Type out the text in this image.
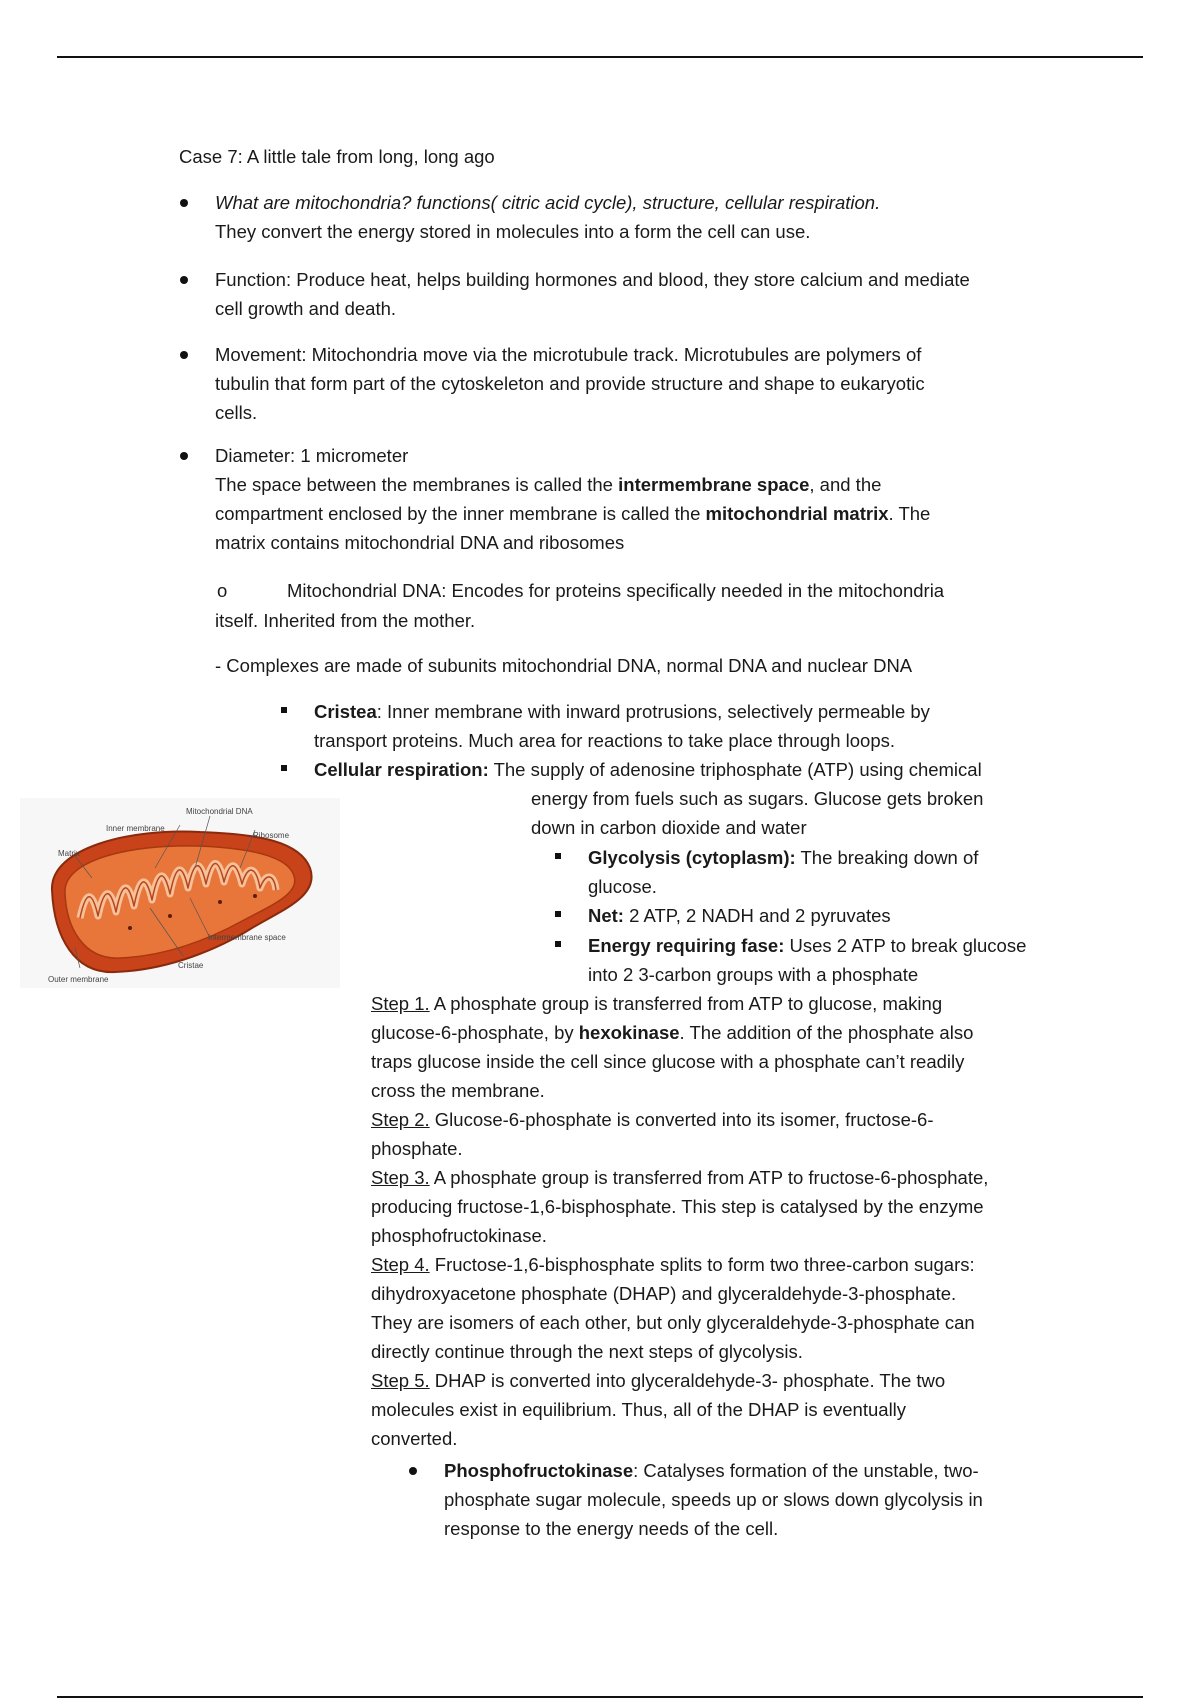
Case 7: A little tale from long, long ago
What are mitochondria? functions( citric acid cycle), structure, cellular respiration.
They convert the energy stored in molecules into a form the cell can use.
Function: Produce heat, helps building hormones and blood, they store calcium and mediate
cell growth and death.
Movement: Mitochondria move via the microtubule track. Microtubules are polymers of
tubulin that form part of the cytoskeleton and provide structure and shape to eukaryotic
cells.
Diameter: 1 micrometer
The space between the membranes is called the intermembrane space, and the
compartment enclosed by the inner membrane is called the mitochondrial matrix. The
matrix contains mitochondrial DNA and ribosomes
o	Mitochondrial DNA: Encodes for proteins specifically needed in the mitochondria
itself. Inherited from the mother.
- Complexes are made of subunits mitochondrial DNA, normal DNA and nuclear DNA
Cristea: Inner membrane with inward protrusions, selectively permeable by
transport proteins. Much area for reactions to take place through loops.
Cellular respiration: The supply of adenosine triphosphate (ATP) using chemical
energy from fuels such as sugars. Glucose gets broken
down in carbon dioxide and water
Glycolysis (cytoplasm): The breaking down of
glucose.
Net: 2 ATP, 2 NADH and 2 pyruvates
Energy requiring fase: Uses 2 ATP to break glucose
into 2 3-carbon groups with a phosphate
Step 1. A phosphate group is transferred from ATP to glucose, making
glucose-6-phosphate, by hexokinase. The addition of the phosphate also
traps glucose inside the cell since glucose with a phosphate can’t readily
cross the membrane.
Step 2. Glucose-6-phosphate is converted into its isomer, fructose-6-
phosphate.
Step 3. A phosphate group is transferred from ATP to fructose-6-phosphate,
producing fructose-1,6-bisphosphate. This step is catalysed by the enzyme
phosphofructokinase.
Step 4. Fructose-1,6-bisphosphate splits to form two three-carbon sugars:
dihydroxyacetone phosphate (DHAP) and glyceraldehyde-3-phosphate.
They are isomers of each other, but only glyceraldehyde-3-phosphate can
directly continue through the next steps of glycolysis.
Step 5. DHAP is converted into glyceraldehyde-3- phosphate. The two
molecules exist in equilibrium. Thus, all of the DHAP is eventually
converted.
Phosphofructokinase: Catalyses formation of the unstable, two-
phosphate sugar molecule, speeds up or slows down glycolysis in
response to the energy needs of the cell.
Mitochondrial DNA
Inner membrane
Ribosome
Matrix
Intermembrane space
Cristae
Outer membrane
